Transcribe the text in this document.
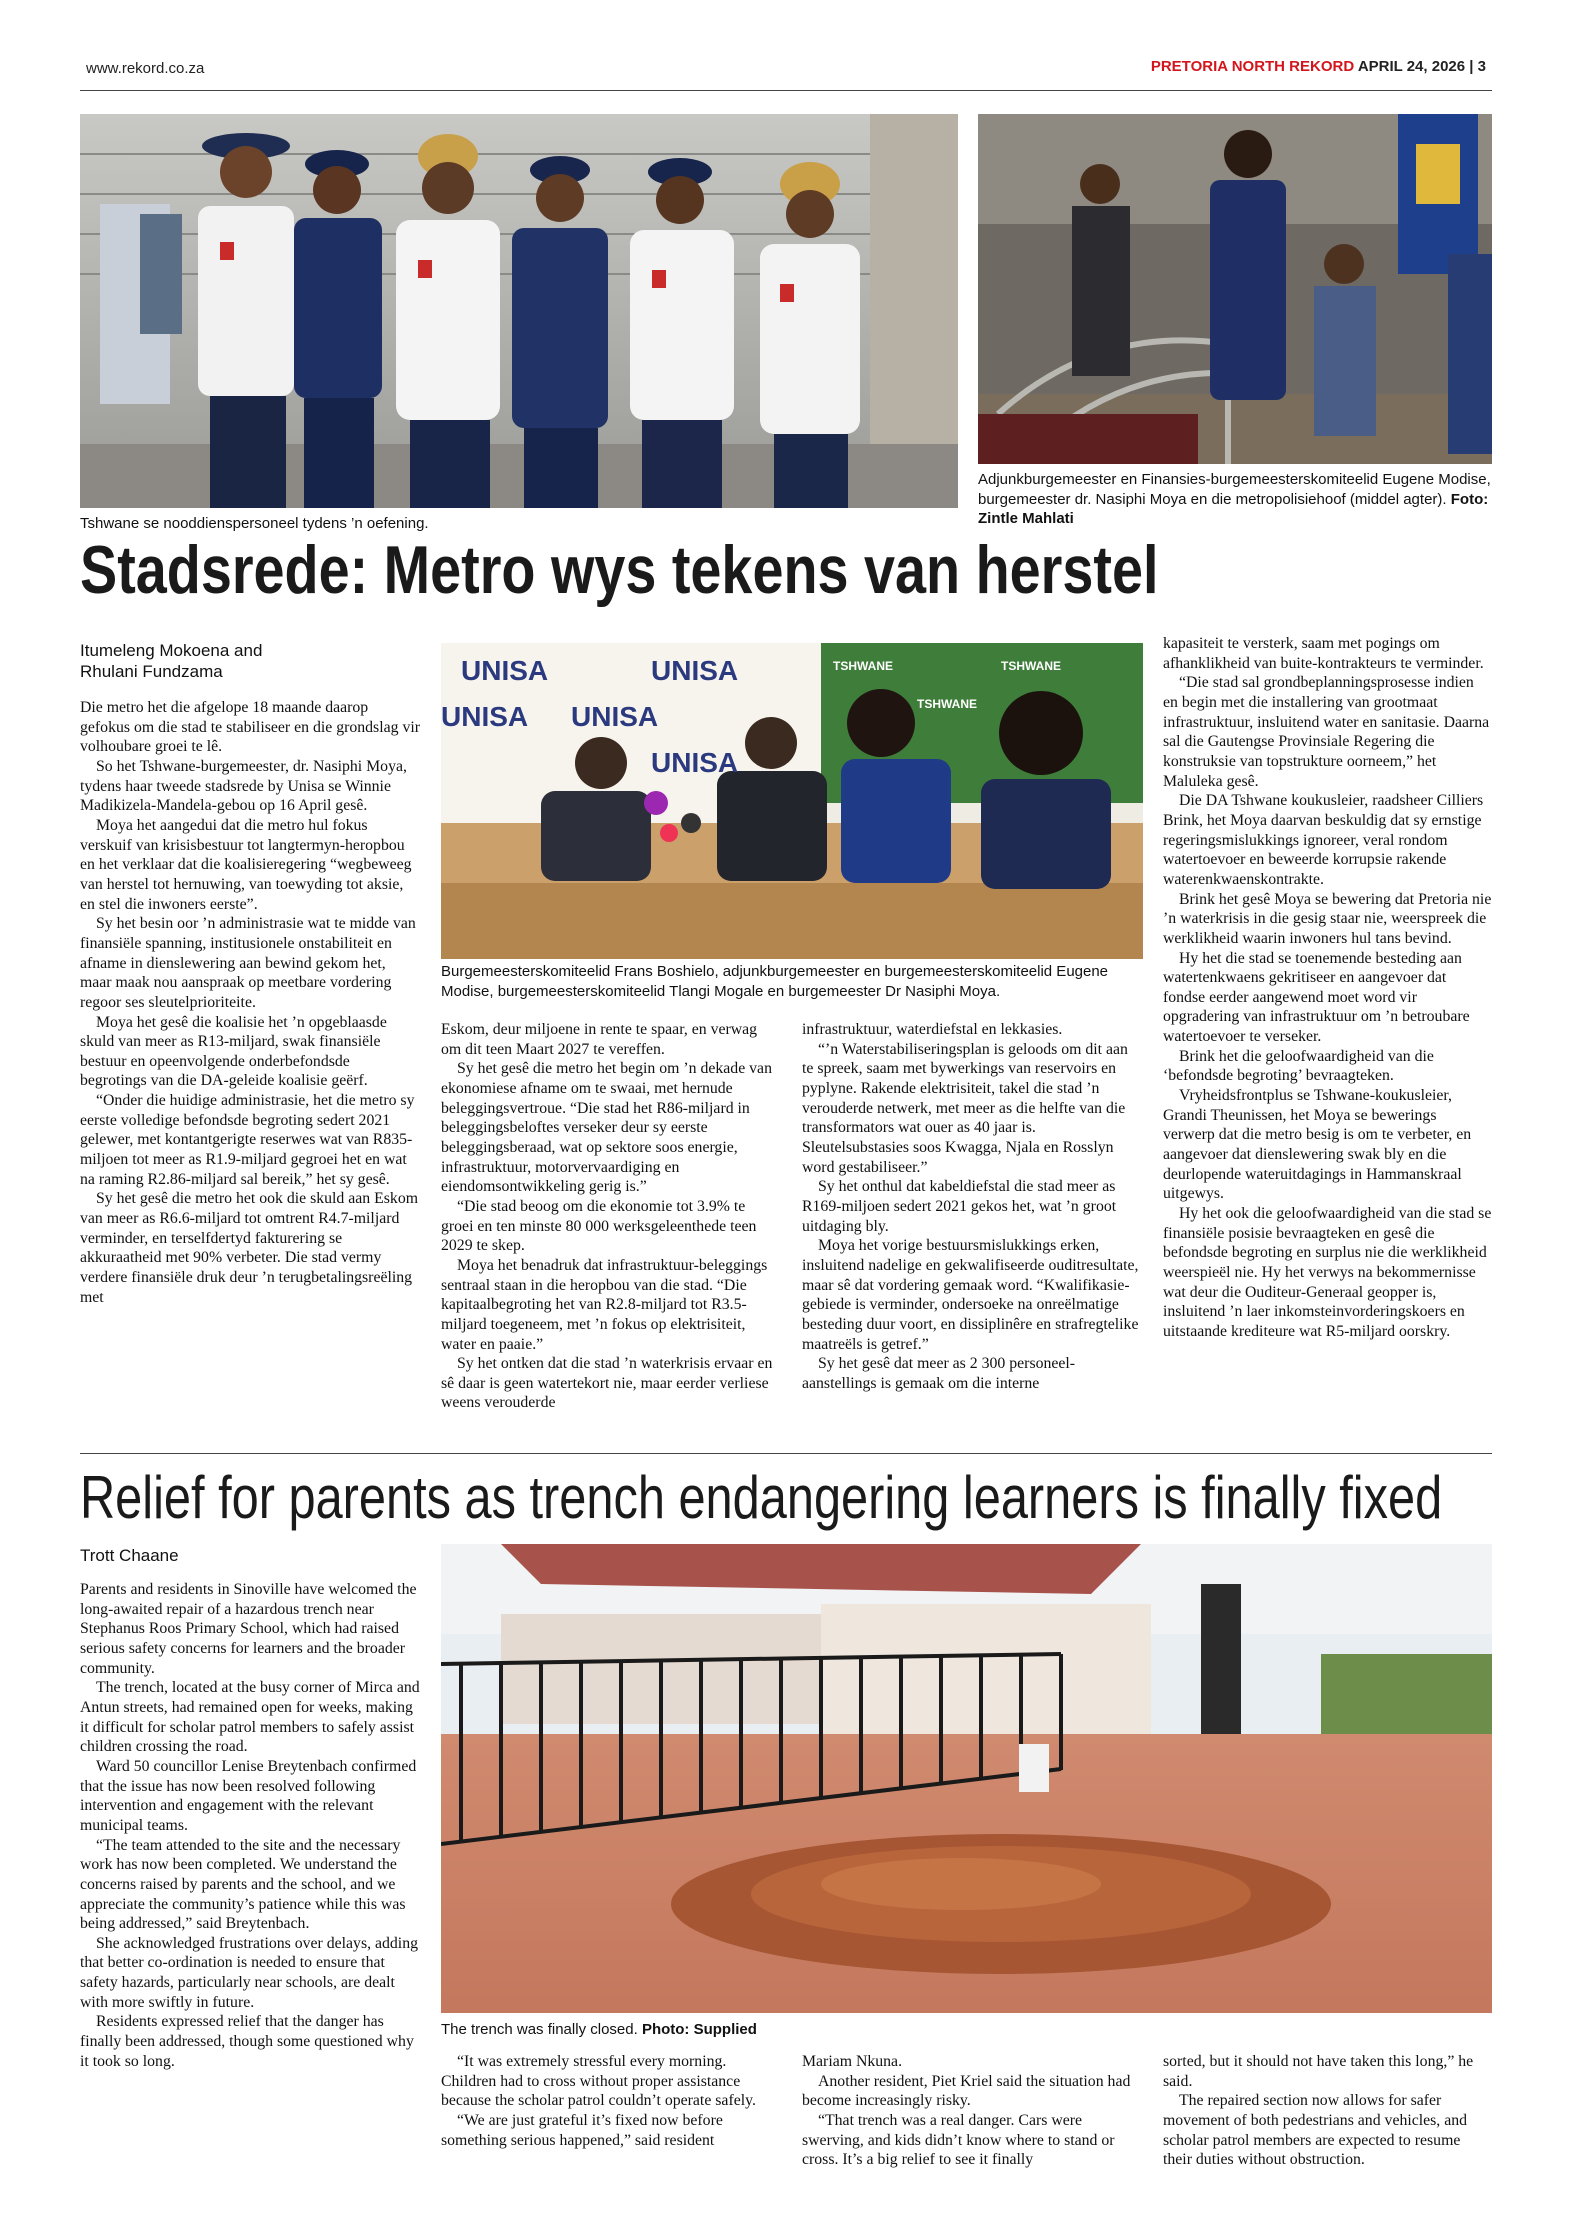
www.rekord.co.za	PRETORIA NORTH REKORD APRIL 24, 2026 | 3
Tshwane se nooddienspersoneel tydens ’n oefening.
Adjunkburgemeester en Finansies-burgemeesterskomiteelid Eugene Modise, burgemeester dr. Nasiphi Moya en die metropolisiehoof (middel agter). Foto: Zintle Mahlati
Stadsrede: Metro wys tekens van herstel
Itumeleng Mokoena and
Rhulani Fundzama	UNISA	UNISA
UNISA UNISA
UNISA
TSHWANE	TSHWANE
TSHWANE
Burgemeesterskomiteelid Frans Boshielo, adjunkburgemeester en burgemeesterskomiteelid Eugene Modise, burgemeesterskomiteelid Tlangi Mogale en burgemeester Dr Nasiphi Moya.

Die metro het die afgelope 18 maande daarop gefokus om die stad te stabiliseer en die grondslag vir volhoubare groei te lê.

So het Tshwane-burgemeester, dr. Nasiphi Moya, tydens haar tweede stadsrede by Unisa se Winnie Madikizela-Mandela-gebou op 16 April gesê.

Moya het aangedui dat die metro hul fokus verskuif van krisisbestuur tot langtermyn-heropbou en het verklaar dat die koalisieregering “wegbeweeg van herstel tot hernuwing, van toewyding tot aksie, en stel die inwoners eerste”.

Sy het besin oor ’n administrasie wat te midde van finansiële spanning, institusionele onstabiliteit en afname in dienslewering aan bewind gekom het, maar maak nou aanspraak op meetbare vordering regoor ses sleutelprioriteite.

Moya het gesê die koalisie het ’n opgeblaasde skuld van meer as R13-miljard, swak finansiële bestuur en opeenvolgende onderbefondsde begrotings van die DA-geleide koalisie geërf.

“Onder die huidige administrasie, het die metro sy eerste volledige befondsde begroting sedert 2021 gelewer, met kontantgerigte reserwes wat van R835-miljoen tot meer as R1.9-miljard gegroei het en wat na raming R2.86-miljard sal bereik,” het sy gesê.

Sy het gesê die metro het ook die skuld aan Eskom van meer as R6.6-miljard tot omtrent R4.7-miljard verminder, en terselfdertyd fakturering se akkuraatheid met 90% verbeter. Die stad vermy verdere finansiële druk deur ’n terugbetalingsreëling met

Eskom, deur miljoene in rente te spaar, en verwag om dit teen Maart 2027 te vereffen.

Sy het gesê die metro het begin om ’n dekade van ekonomiese afname om te swaai, met hernude beleggingsvertroue. “Die stad het R86-miljard in beleggingsbeloftes verseker deur sy eerste beleggingsberaad, wat op sektore soos energie, infrastruktuur, motorvervaardiging en eiendomsontwikkeling gerig is.”

“Die stad beoog om die ekonomie tot 3.9% te groei en ten minste 80 000 werksgeleenthede teen 2029 te skep.

Moya het benadruk dat infrastruktuur-beleggings sentraal staan in die heropbou van die stad. “Die kapitaalbegroting het van R2.8-miljard tot R3.5-miljard toegeneem, met ’n fokus op elektrisiteit, water en paaie.”

Sy het ontken dat die stad ’n waterkrisis ervaar en sê daar is geen watertekort nie, maar eerder verliese weens verouderde

infrastruktuur, waterdiefstal en lekkasies.

“’n Waterstabiliseringsplan is geloods om dit aan te spreek, saam met bywerkings van reservoirs en pyplyne. Rakende elektrisiteit, takel die stad ’n verouderde netwerk, met meer as die helfte van die transformators wat ouer as 40 jaar is. Sleutelsubstasies soos Kwagga, Njala en Rosslyn word gestabiliseer.”

Sy het onthul dat kabeldiefstal die stad meer as R169-miljoen sedert 2021 gekos het, wat ’n groot uitdaging bly.

Moya het vorige bestuursmislukkings erken, insluitend nadelige en gekwalifiseerde ouditresultate, maar sê dat vordering gemaak word. “Kwalifikasie-gebiede is verminder, ondersoeke na onreëlmatige besteding duur voort, en dissiplinêre en strafregtelike maatreëls is getref.”

Sy het gesê dat meer as 2 300 personeel-aanstellings is gemaak om die interne

kapasiteit te versterk, saam met pogings om afhanklikheid van buite-kontrakteurs te verminder.

“Die stad sal grondbeplanningsprosesse indien en begin met die installering van grootmaat infrastruktuur, insluitend water en sanitasie. Daarna sal die Gautengse Provinsiale Regering die konstruksie van topstrukture oorneem,” het Maluleka gesê.

Die DA Tshwane koukusleier, raadsheer Cilliers Brink, het Moya daarvan beskuldig dat sy ernstige regeringsmislukkings ignoreer, veral rondom watertoevoer en beweerde korrupsie rakende waterenkwaenskontrakte.

Brink het gesê Moya se bewering dat Pretoria nie ’n waterkrisis in die gesig staar nie, weerspreek die werklikheid waarin inwoners hul tans bevind.

Hy het die stad se toenemende besteding aan watertenkwaens gekritiseer en aangevoer dat fondse eerder aangewend moet word vir opgradering van infrastruktuur om ’n betroubare watertoevoer te verseker.

Brink het die geloofwaardigheid van die ‘befondsde begroting’ bevraagteken.

Vryheidsfrontplus se Tshwane-koukusleier, Grandi Theunissen, het Moya se bewerings verwerp dat die metro besig is om te verbeter, en aangevoer dat dienslewering swak bly en die deurlopende wateruitdagings in Hammanskraal uitgewys.

Hy het ook die geloofwaardigheid van die stad se finansiële posisie bevraagteken en gesê die befondsde begroting en surplus nie die werklikheid weerspieël nie. Hy het verwys na bekommernisse wat deur die Ouditeur-Generaal geopper is, insluitend ’n laer inkomsteinvorderingskoers en uitstaande krediteure wat R5-miljard oorskry.

Relief for parents as trench endangering learners is finally fixed
Trott Chaane
The trench was finally closed. Photo: Supplied

Parents and residents in Sinoville have welcomed the long-awaited repair of a hazardous trench near Stephanus Roos Primary School, which had raised serious safety concerns for learners and the broader community.

The trench, located at the busy corner of Mirca and Antun streets, had remained open for weeks, making it difficult for scholar patrol members to safely assist children crossing the road.

Ward 50 councillor Lenise Breytenbach confirmed that the issue has now been resolved following intervention and engagement with the relevant municipal teams.

“The team attended to the site and the necessary work has now been completed. We understand the concerns raised by parents and the school, and we appreciate the community’s patience while this was being addressed,” said Breytenbach.

She acknowledged frustrations over delays, adding that better co-ordination is needed to ensure that safety hazards, particularly near schools, are dealt with more swiftly in future.

Residents expressed relief that the danger has finally been addressed, though some questioned why it took so long.	“It was extremely stressful every morning. Children had to cross without proper assistance because the scholar patrol couldn’t operate safely.

“We are just grateful it’s fixed now before something serious happened,” said resident

Mariam Nkuna.

Another resident, Piet Kriel said the situation had become increasingly risky.

“That trench was a real danger. Cars were swerving, and kids didn’t know where to stand or cross. It’s a big relief to see it finally

sorted, but it should not have taken this long,” he said.

The repaired section now allows for safer movement of both pedestrians and vehicles, and scholar patrol members are expected to resume their duties without obstruction.
